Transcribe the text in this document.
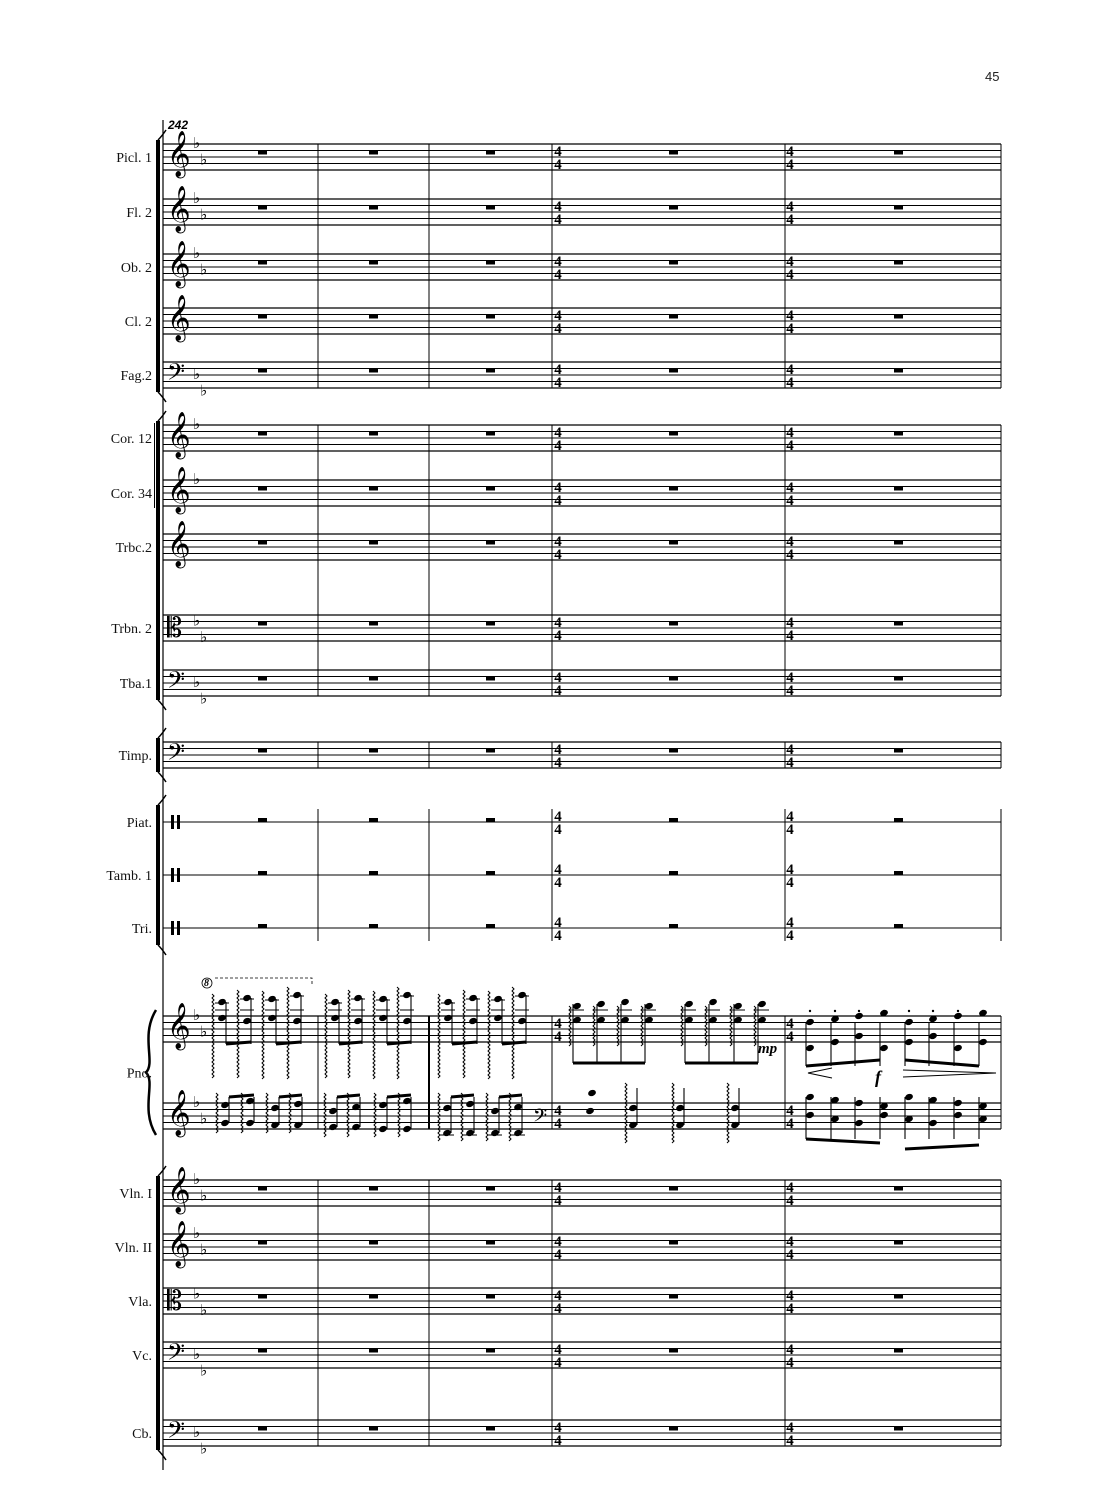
45
242
Picl. 1 𝄞 ♭
♭	4
4
4
4
Fl. 2 𝄞 ♭
♭	4
4
4
4
Ob. 2 𝄞 ♭
♭	4
4
4
4
Cl. 2 𝄞	4
4
4
4
Fag.2 𝄢 ♭
♭
4
4
4
4
Cor. 12 𝄞 ♭	4
4
4
4
Cor. 34 𝄞 ♭	4
4
4
4
Trbc.2 𝄞	4
4
4
4
Trbn. 2 𝄡 ♭
♭
4
4
4
4
Tba.1 𝄢 ♭
♭
4
4
4
4
Timp. 𝄢	4
4
4
4
Piat.	4
4
4
4
Tamb. 1	4
4
4
4
Tri.	4
4
4
4
𝄞 ♭
♭	4
4
4
4
𝄞 ♭
♭	4
4
4
4
Vln. I 𝄞 ♭
♭	4
4
4
4
Vln. II 𝄞 ♭
♭	4
4
4
4
Vla. 𝄡 ♭
♭
4
4
4
4
Vc. 𝄢 ♭
♭
4
4
4
4
Cb. 𝄢 ♭
♭
4
4
4
4
Pno.
𝄢
mp
f
8
